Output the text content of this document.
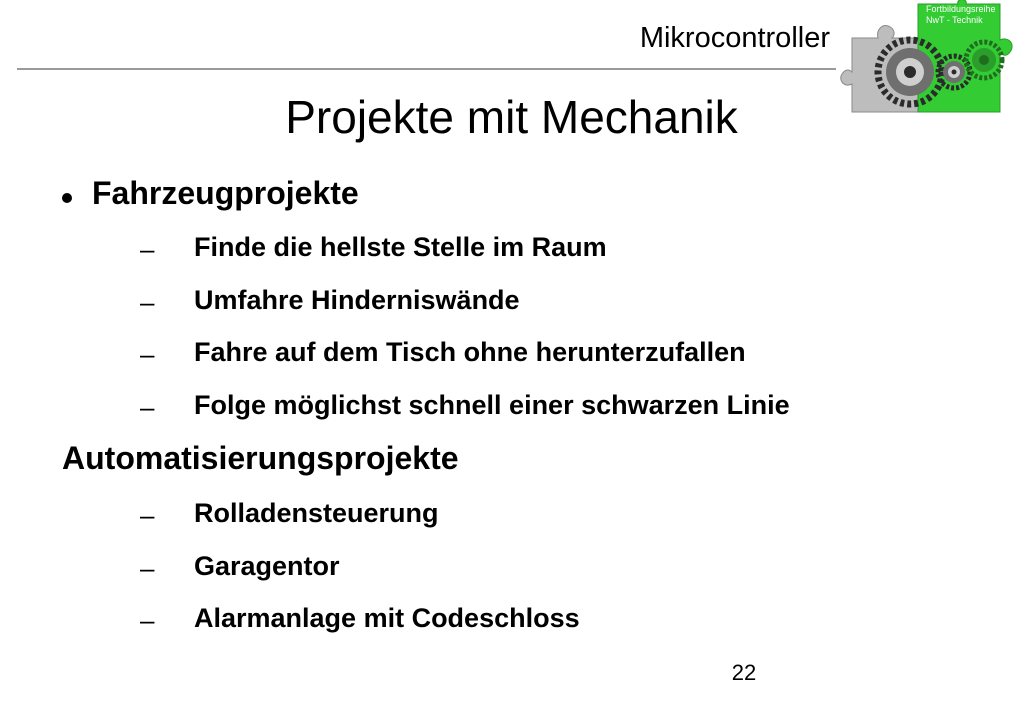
Mikrocontroller
Fortbildungsreihe
NwT - Technik
Projekte mit Mechanik
Fahrzeugprojekte
– Finde die hellste Stelle im Raum
– Umfahre Hinderniswände
– Fahre auf dem Tisch ohne herunterzufallen
– Folge möglichst schnell einer schwarzen Linie
Automatisierungsprojekte
– Rolladensteuerung
– Garagentor
– Alarmanlage mit Codeschloss
22
